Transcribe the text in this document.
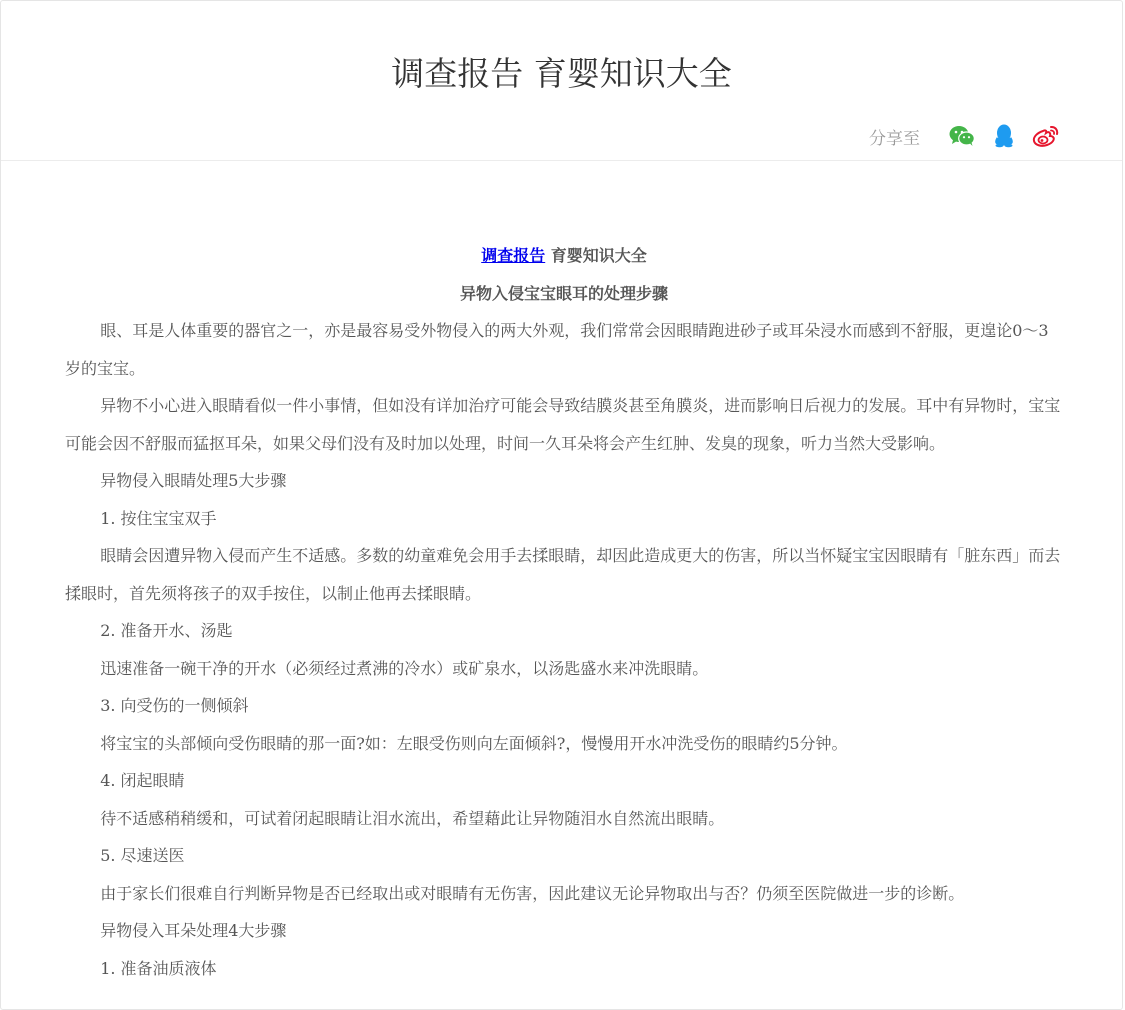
调查报告 育婴知识大全
分享至

调查报告 育婴知识大全

异物入侵宝宝眼耳的处理步骤

眼、耳是人体重要的器官之一，亦是最容易受外物侵入的两大外观，我们常常会因眼睛跑进砂子或耳朵浸水而感到不舒服，更遑论0～3岁的宝宝。

异物不小心进入眼睛看似一件小事情，但如没有详加治疗可能会导致结膜炎甚至角膜炎，进而影响日后视力的发展。耳中有异物时，宝宝可能会因不舒服而猛抠耳朵，如果父母们没有及时加以处理，时间一久耳朵将会产生红肿、发臭的现象，听力当然大受影响。

异物侵入眼睛处理5大步骤

1. 按住宝宝双手

眼睛会因遭异物入侵而产生不适感。多数的幼童难免会用手去揉眼睛，却因此造成更大的伤害，所以当怀疑宝宝因眼睛有「脏东西」而去揉眼时，首先须将孩子的双手按住，以制止他再去揉眼睛。

2. 准备开水、汤匙

迅速准备一碗干净的开水（必须经过煮沸的冷水）或矿泉水，以汤匙盛水来冲洗眼睛。

3. 向受伤的一侧倾斜

将宝宝的头部倾向受伤眼睛的那一面?如：左眼受伤则向左面倾斜?，慢慢用开水冲洗受伤的眼睛约5分钟。

4. 闭起眼睛

待不适感稍稍缓和，可试着闭起眼睛让泪水流出，希望藉此让异物随泪水自然流出眼睛。

5. 尽速送医

由于家长们很难自行判断异物是否已经取出或对眼睛有无伤害，因此建议无论异物取出与否？仍须至医院做进一步的诊断。

异物侵入耳朵处理4大步骤

1. 准备油质液体
